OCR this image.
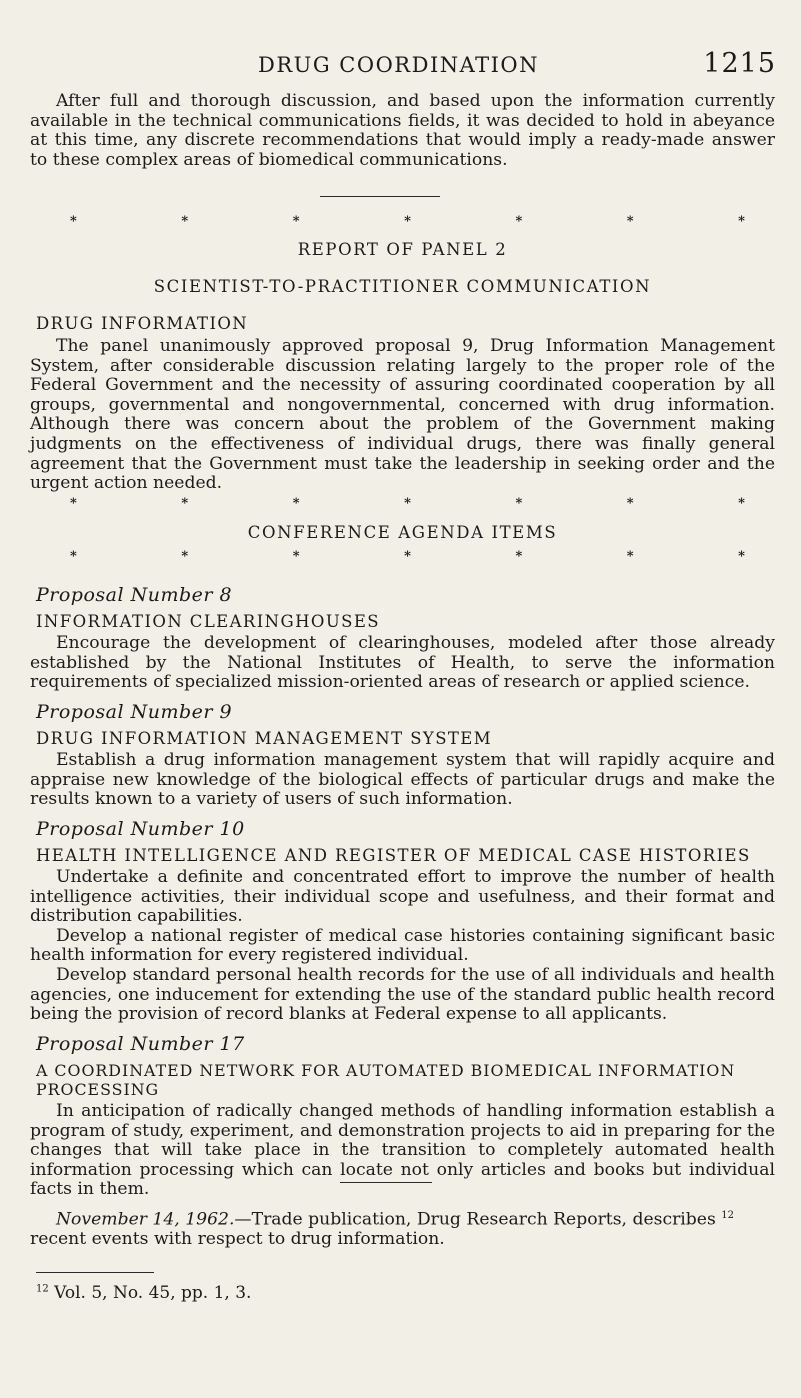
DRUG COORDINATION	1215

After full and thorough discussion, and based upon the information currently available in the technical communications fields, it was decided to hold in abeyance at this time, any discrete recommendations that would imply a ready-made answer to these complex areas of biomedical communications.

*	*	*	*	*	*	*
REPORT OF PANEL 2
SCIENTIST-TO-PRACTITIONER COMMUNICATION
DRUG INFORMATION

The panel unanimously approved proposal 9, Drug Information Management System, after considerable discussion relating largely to the proper role of the Federal Government and the necessity of assuring coordinated cooperation by all groups, governmental and nongovernmental, concerned with drug information. Although there was concern about the problem of the Government making judgments on the effectiveness of individual drugs, there was finally general agreement that the Government must take the leadership in seeking order and the urgent action needed.

*	*	*	*	*	*	*
CONFERENCE AGENDA ITEMS
*	*	*	*	*	*	*
Proposal Number 8
INFORMATION CLEARINGHOUSES

Encourage the development of clearinghouses, modeled after those already established by the National Institutes of Health, to serve the information requirements of specialized mission-oriented areas of research or applied science.

Proposal Number 9
DRUG INFORMATION MANAGEMENT SYSTEM

Establish a drug information management system that will rapidly acquire and appraise new knowledge of the biological effects of particular drugs and make the results known to a variety of users of such information.

Proposal Number 10
HEALTH INTELLIGENCE AND REGISTER OF MEDICAL CASE HISTORIES

Undertake a definite and concentrated effort to improve the number of health intelligence activities, their individual scope and usefulness, and their format and distribution capabilities.

Develop a national register of medical case histories containing significant basic health information for every registered individual.

Develop standard personal health records for the use of all individuals and health agencies, one inducement for extending the use of the standard public health record being the provision of record blanks at Federal expense to all applicants.

Proposal Number 17
A COORDINATED NETWORK FOR AUTOMATED BIOMEDICAL INFORMATION PROCESSING

In anticipation of radically changed methods of handling information establish a program of study, experiment, and demonstration projects to aid in preparing for the changes that will take place in the transition to completely automated health information processing which can locate not only articles and books but individual facts in them.

November 14, 1962.—Trade publication, Drug Research Reports, describes $^{12}$

recent events with respect to drug information.

$^{12}$ Vol. 5, No. 45, pp. 1, 3.
